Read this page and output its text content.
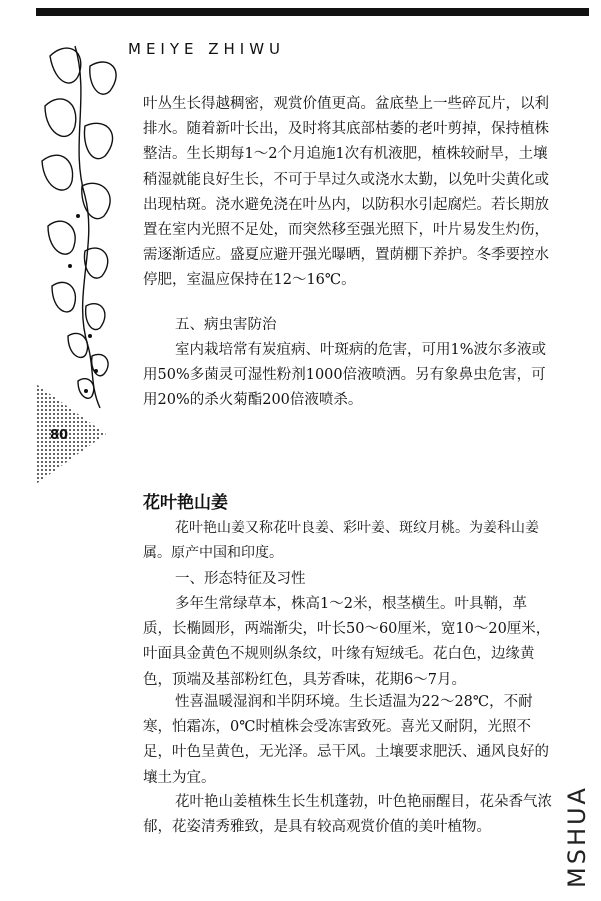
MEIYE ZHIWU
80

叶丛生长得越稠密，观赏价值更高。盆底垫上一些碎瓦片，以利排水。随着新叶长出，及时将其底部枯萎的老叶剪掉，保持植株整洁。生长期每1～2个月追施1次有机液肥，植株较耐旱，土壤稍湿就能良好生长，不可于旱过久或浇水太勤，以免叶尖黄化或出现枯斑。浇水避免浇在叶丛内，以防积水引起腐烂。若长期放置在室内光照不足处，而突然移至强光照下，叶片易发生灼伤，需逐渐适应。盛夏应避开强光曝晒，置荫棚下养护。冬季要控水停肥，室温应保持在12～16℃。

五、病虫害防治

室内栽培常有炭疽病、叶斑病的危害，可用1%波尔多液或用50%多菌灵可湿性粉剂1000倍液喷洒。另有象鼻虫危害，可用20%的杀火菊酯200倍液喷杀。

花叶艳山姜

花叶艳山姜又称花叶良姜、彩叶姜、斑纹月桃。为姜科山姜属。原产中国和印度。

一、形态特征及习性

多年生常绿草本，株高1～2米，根茎横生。叶具鞘，革质，长椭圆形，两端渐尖，叶长50～60厘米，宽10～20厘米，叶面具金黄色不规则纵条纹，叶缘有短绒毛。花白色，边缘黄色，顶端及基部粉红色，具芳香味，花期6～7月。

性喜温暖湿润和半阴环境。生长适温为22～28℃，不耐寒，怕霜冻，0℃时植株会受冻害致死。喜光又耐阴，光照不足，叶色呈黄色，无光泽。忌干风。土壤要求肥沃、通风良好的壤土为宜。

花叶艳山姜植株生长生机蓬勃，叶色艳丽醒目，花朵香气浓郁，花姿清秀雅致，是具有较高观赏价值的美叶植物。	MSHUA
